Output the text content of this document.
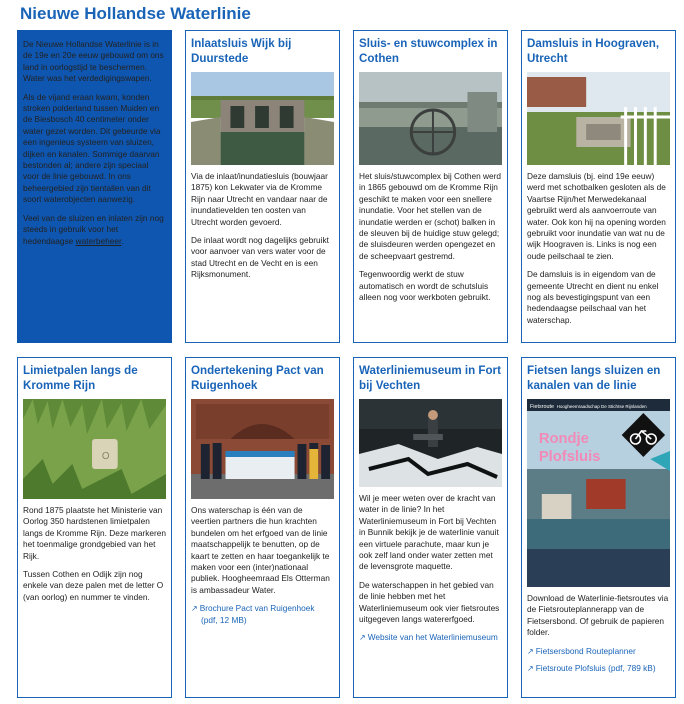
Nieuwe Hollandse Waterlinie

De Nieuwe Hollandse Waterlinie is in de 19e en 20e eeuw gebouwd om ons land in oorlogstijd te beschermen. Water was het verdedigingswapen.

Als de vijand eraan kwam, konden stroken polderland tussen Muiden en de Biesbosch 40 centimeter onder water gezet worden. Dit gebeurde via een ingenieus systeem van sluizen, dijken en kanalen. Sommige daarvan bestonden al; andere zijn speciaal voor de linie gebouwd. In ons beheergebied zijn tientallen van dit soort waterobjecten aanwezig.

Veel van de sluizen en inlaten zijn nog steeds in gebruik voor het hedendaagse waterbeheer.

Inlaatsluis Wijk bij Duurstede

Via de inlaat/inundatiesluis (bouwjaar 1875) kon Lekwater via de Kromme Rijn naar Utrecht en vandaar naar de inundatievelden ten oosten van Utrecht worden gevoerd.

De inlaat wordt nog dagelijks gebruikt voor aanvoer van vers water voor de stad Utrecht en de Vecht en is een Rijksmonument.

Sluis- en stuwcomplex in Cothen

Het sluis/stuwcomplex bij Cothen werd in 1865 gebouwd om de Kromme Rijn geschikt te maken voor een snellere inundatie. Voor het stellen van de inundatie werden er (schot) balken in de sleuven bij de huidige stuw gelegd; de sluisdeuren werden opengezet en de scheepvaart gestremd.

Tegenwoordig werkt de stuw automatisch en wordt de schutsluis alleen nog voor werkboten gebruikt.

Damsluis in Hoograven, Utrecht

Deze damsluis (bj. eind 19e eeuw) werd met schotbalken gesloten als de Vaartse Rijn/het Merwedekanaal gebruikt werd als aanvoerroute van water. Ook kon hij na opening worden gebruikt voor inundatie van wat nu de wijk Hoograven is. Links is nog een oude peilschaal te zien.

De damsluis is in eigendom van de gemeente Utrecht en dient nu enkel nog als bevestigingspunt van een hedendaagse peilschaal van het waterschap.

Limietpalen langs de Kromme Rijn
O

Rond 1875 plaatste het Ministerie van Oorlog 350 hardstenen limietpalen langs de Kromme Rijn. Deze markeren het toenmalige grondgebied van het Rijk.

Tussen Cothen en Odijk zijn nog enkele van deze palen met de letter O (van oorlog) en nummer te vinden.

Ondertekening Pact van Ruigenhoek

Ons waterschap is één van de veertien partners die hun krachten bundelen om het erfgoed van de linie maatschappelijk te benutten, op de kaart te zetten en haar toegankelijk te maken voor een (inter)nationaal publiek. Hoogheemraad Els Otterman is ambassadeur Water.

↗ Brochure Pact van Ruigenhoek
(pdf, 12 MB)
Waterliniemuseum in Fort bij Vechten

Wil je meer weten over de kracht van water in de linie? In het Waterliniemuseum in Fort bij Vechten in Bunnik bekijk je de waterlinie vanuit een virtuele parachute, maar kun je ook zelf land onder water zetten met de levensgrote maquette.

De waterschappen in het gebied van de linie hebben met het Waterliniemuseum ook vier fietsroutes uitgegeven langs watererfgoed.

↗ Website van het Waterliniemuseum
Fietsen langs sluizen en kanalen van de linie
Fietsroute Hoogheemraadschap De Stichtse Rijnlanden
Rondje
Plofsluis

Download de Waterlinie-fietsroutes via de Fietsrouteplannerapp van de Fietsersbond. Of gebruik de papieren folder.

↗ Fietsersbond Routeplanner
↗ Fietsroute Plofsluis (pdf, 789 kB)
